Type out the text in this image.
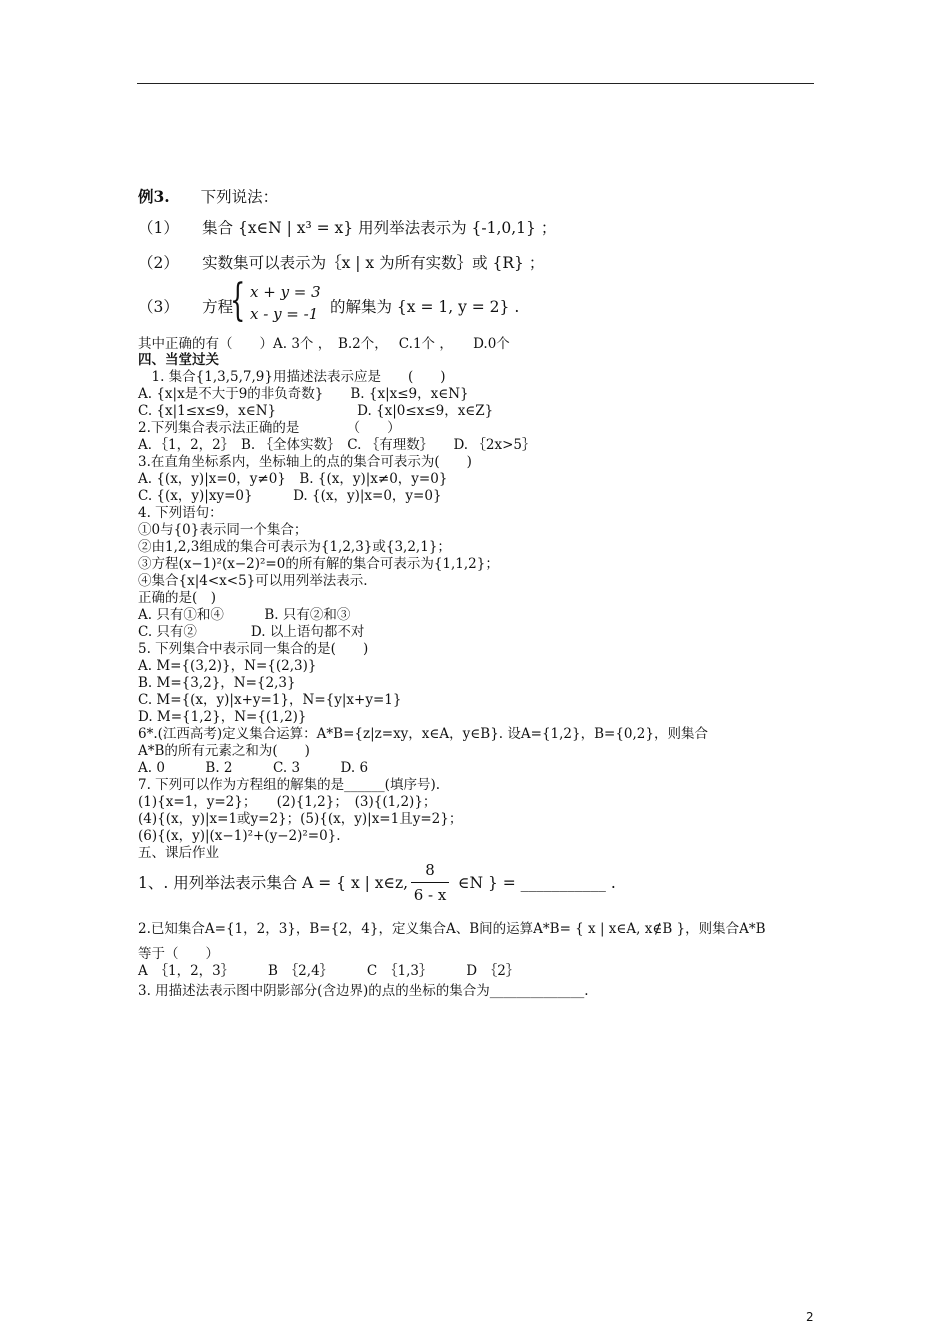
例3. 下列说法：
（1）　　集合 {x∈N | x³ = x} 用列举法表示为 {-1,0,1} ；
（2）　　实数集可以表示为｛x | x 为所有实数｝或 {R} ；
（3）　　方程
{ x + y = 3
x - y = -1 的解集为 {x = 1, y = 2} .
其中正确的有（　　）A. 3个 ，　B.2个，　 C.1个 ，　　D.0个
四、当堂过关
　1. 集合{1,3,5,7,9}用描述法表示应是　　(　　)
A. {x|x是不大于9的非负奇数}　　B. {x|x≤9，x∈N}
C. {x|1≤x≤9，x∈N}　　　　　　D. {x|0≤x≤9，x∈Z}
2.下列集合表示法正确的是　　　　（　　）
A．｛1，2，2｝　B. ｛全体实数｝　C. ｛有理数｝　　D. ｛2x>5｝
3.在直角坐标系内，坐标轴上的点的集合可表示为(　　)
A. {(x，y)|x=0，y≠0}　B. {(x，y)|x≠0，y=0}
C. {(x，y)|xy=0}　　　D. {(x，y)|x=0，y=0}
4. 下列语句：
①0与{0}表示同一个集合；
②由1,2,3组成的集合可表示为{1,2,3}或{3,2,1}；
③方程(x−1)²(x−2)²=0的所有解的集合可表示为{1,1,2}；
④集合{x|4<x<5}可以用列举法表示.
正确的是(　)
A. 只有①和④　　　B. 只有②和③
C. 只有②　　　　D. 以上语句都不对
5. 下列集合中表示同一集合的是(　　)
A. M={(3,2)}，N={(2,3)}
B. M={3,2}，N={2,3}
C. M={(x，y)|x+y=1}，N={y|x+y=1}
D. M={1,2}，N={(1,2)}
6*.(江西高考)定义集合运算：A*B={z|z=xy，x∈A，y∈B}. 设A={1,2}，B={0,2}，则集合
A*B的所有元素之和为(　　)
A. 0　　　B. 2　　　C. 3　　　D. 6
7. 下列可以作为方程组的解集的是______(填序号).
(1){x=1，y=2}；　　(2){1,2}；　(3){(1,2)}；
(4){(x，y)|x=1或y=2}；(5){(x，y)|x=1且y=2}；
(6){(x，y)|(x−1)²+(y−2)²=0}.
五、课后作业
1、. 用列举法表示集合 A = { x | x∈z,
8
6 - x
∈N } = ___________ .
2.已知集合A={1，2，3}，B={2，4}，定义集合A、B间的运算A*B= { x | x∈A, x∉B }，则集合A*B
等于（　　）
A　｛1，2，3｝　　　B　｛2,4｝　　　C　｛1,3｝　　　D　｛2｝
3. 用描述法表示图中阴影部分(含边界)的点的坐标的集合为______________.
2
